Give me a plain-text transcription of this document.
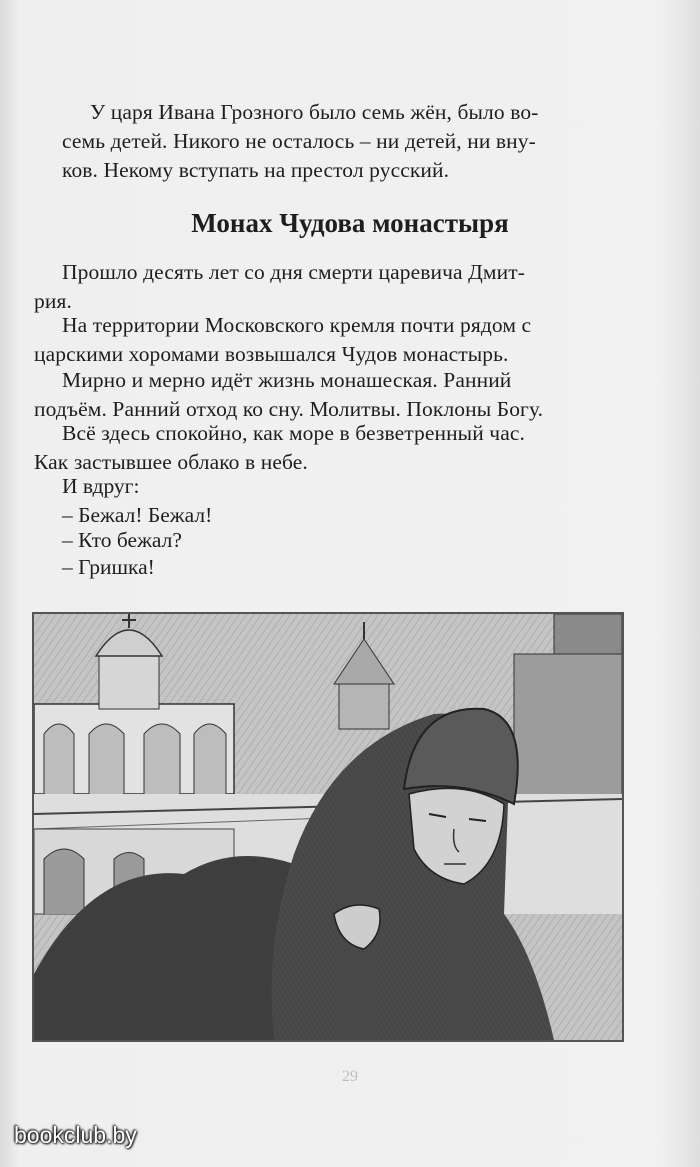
У царя Ивана Грозного было семь жён, было во-
семь детей. Никого не осталось – ни детей, ни вну-
ков. Некому вступать на престол русский.
Монах Чудова монастыря
Прошло десять лет со дня смерти царевича Дмит-
рия.
На территории Московского кремля почти рядом с
царскими хоромами возвышался Чудов монастырь.
Мирно и мерно идёт жизнь монашеская. Ранний
подъём. Ранний отход ко сну. Молитвы. Поклоны Богу.
Всё здесь спокойно, как море в безветренный час.
Как застывшее облако в небе.

И вдруг:

– Бежал! Бежал!

– Кто бежал?

– Гришка!

29
bookclub.by
